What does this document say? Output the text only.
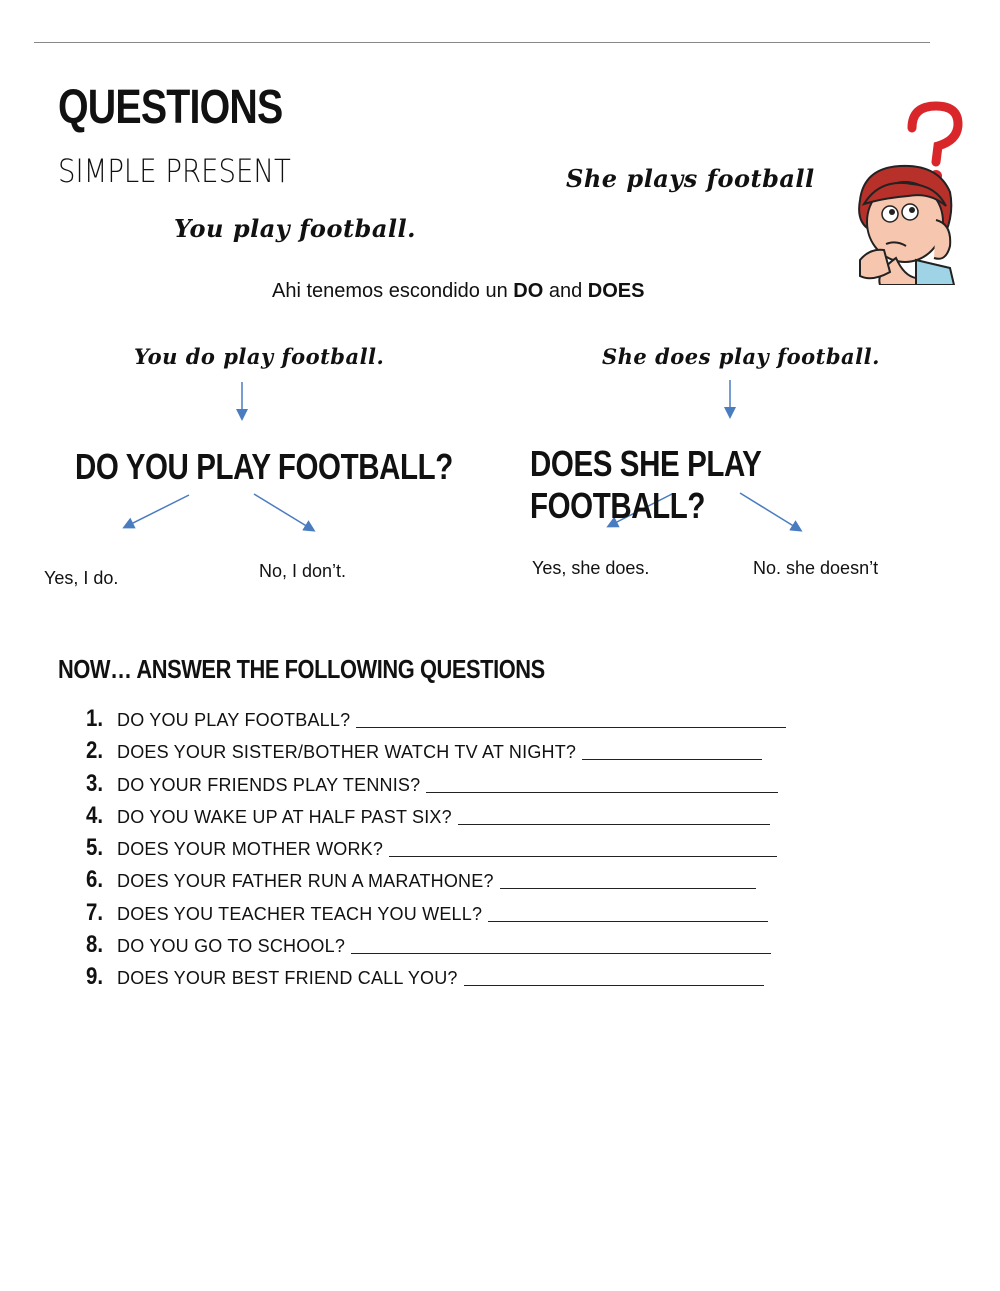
QUESTIONS
SIMPLE PRESENT	She plays football
You play football.
Ahi tenemos escondido un DO and DOES
You do play football.	She does play football.
DO YOU PLAY FOOTBALL? DOES SHE PLAY FOOTBALL?
Yes, I do.	No, I don’t.	Yes, she does.	No. she doesn’t
NOW… ANSWER THE FOLLOWING QUESTIONS
1. DO YOU PLAY FOOTBALL?
2. DOES YOUR SISTER/BOTHER WATCH TV AT NIGHT?
3. DO YOUR FRIENDS PLAY TENNIS?
4. DO YOU WAKE UP AT HALF PAST SIX?
5. DOES YOUR MOTHER WORK?
6. DOES YOUR FATHER RUN A MARATHONE?
7. DOES YOU TEACHER TEACH YOU WELL?
8. DO YOU GO TO SCHOOL?
9. DOES YOUR BEST FRIEND CALL YOU?
